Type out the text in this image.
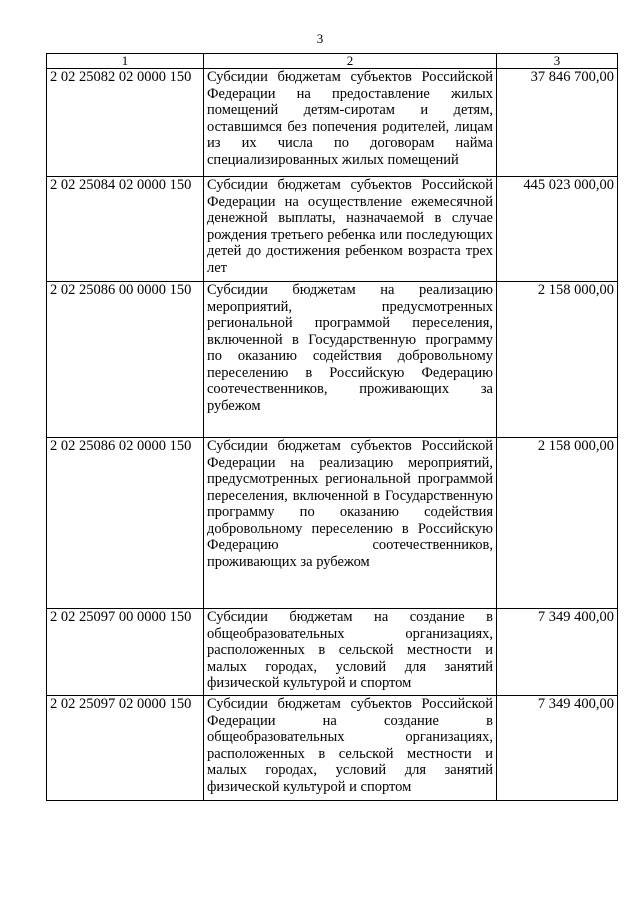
3
1	2	3
2 02 25082 02 0000 150	Субсидии бюджетам субъектов Российской Федерации на предоставление жилых помещений детям-сиротам и детям, оставшимся без попечения родителей, лицам из их числа по договорам найма специализированных жилых помещений	37 846 700,00
2 02 25084 02 0000 150	Субсидии бюджетам субъектов Российской Федерации на осуществление ежемесячной денежной выплаты, назначаемой в случае рождения третьего ребенка или последующих детей до достижения ребенком возраста трех лет	445 023 000,00
2 02 25086 00 0000 150	Субсидии бюджетам на реализацию мероприятий, предусмотренных региональной программой переселения, включенной в Государственную программу по оказанию содействия добровольному переселению в Российскую Федерацию соотечественников, проживающих за рубежом	2 158 000,00
2 02 25086 02 0000 150	Субсидии бюджетам субъектов Российской Федерации на реализацию мероприятий, предусмотренных региональной программой переселения, включенной в Государственную программу по оказанию содействия добровольному переселению в Российскую Федерацию соотечественников, проживающих за рубежом	2 158 000,00
2 02 25097 00 0000 150	Субсидии бюджетам на создание в общеобразовательных организациях, расположенных в сельской местности и малых городах, условий для занятий физической культурой и спортом	7 349 400,00
2 02 25097 02 0000 150	Субсидии бюджетам субъектов Российской Федерации на создание в общеобразовательных организациях, расположенных в сельской местности и малых городах, условий для занятий физической культурой и спортом	7 349 400,00
